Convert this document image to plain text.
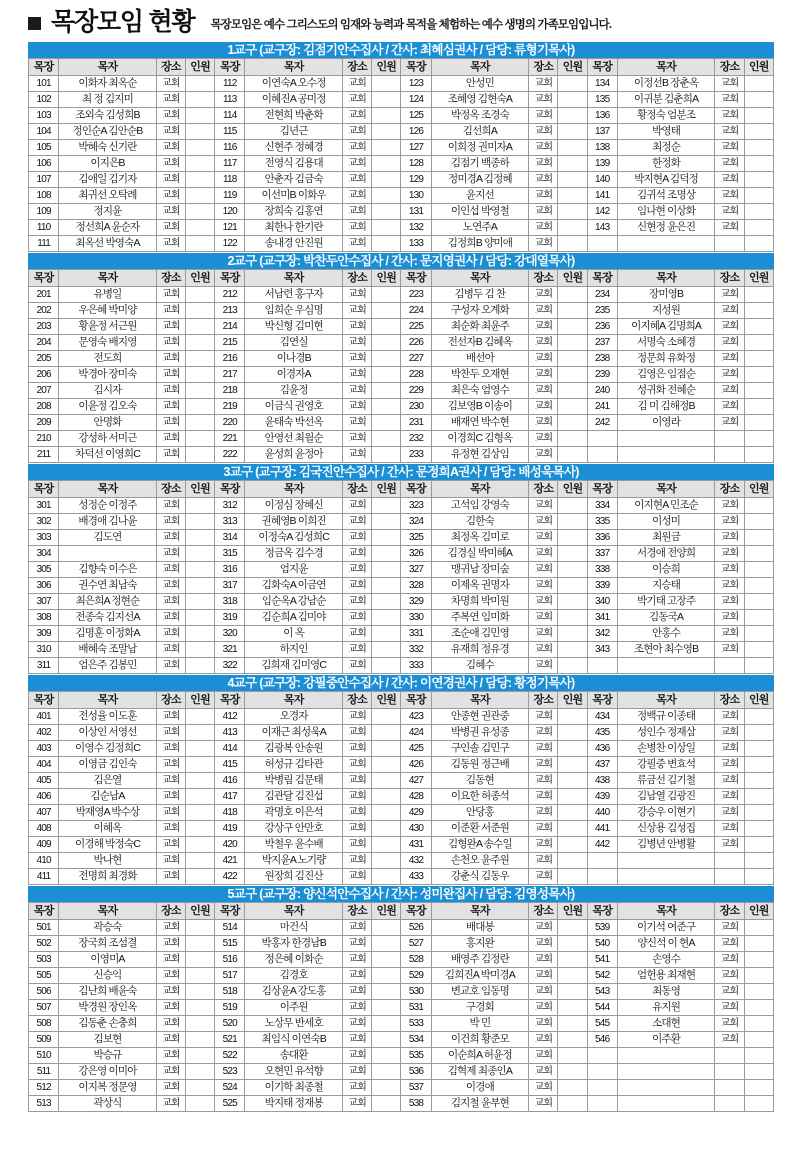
목장모임 현황 목장모임은 예수 그리스도의 임재와 능력과 목적을 체험하는 예수 생명의 가족모임입니다.
1교구 (교구장: 김점기안수집사 / 간사: 최혜심권사 / 담당: 류형기목사)
목장	목자	장소	인원	목장	목자	장소	인원	목장	목자	장소	인원	목장	목자	장소	인원
101	이화자 최옥순	교회		112	이연숙A 오수정	교회		123	안성민	교회		134	이정선B 장춘옥	교회	
102	최 정 김지미	교회		113	이혜진A 공미정	교회		124	조혜영 김현숙A	교회		135	이귀분 김춘희A	교회	
103	조외숙 김성희B	교회		114	전현희 박춘화	교회		125	박정옥 조경숙	교회		136	황정숙 엄분조	교회	
104	정인순A 김안순B	교회		115	김년근	교회		126	김선희A	교회		137	박영태	교회	
105	박혜숙 신기란	교회		116	신현주 정혜경	교회		127	이희정 권미자A	교회		138	최정순	교회	
106	이지은B	교회		117	전영식 김용대	교회		128	김점기 백종하	교회		139	한정화	교회	
107	김애일 김기자	교회		118	안춘자 김금숙	교회		129	정미경A 김정혜	교회		140	박지현A 김덕정	교회	
108	최귀선 오탁례	교회		119	이선미B 이화우	교회		130	윤지선	교회		141	김귀석 조명상	교회	
109	정지윤	교회		120	장희숙 김홍연	교회		131	이인섭 박영철	교회		142	임나현 이상화	교회	
110	정선희A 윤순자	교회		121	최한나 한기란	교회		132	노연주A	교회		143	신현정 윤은진	교회	
111	최옥선 박영숙A	교회		122	송내경 안진원	교회		133	김정희B 양미애	교회					
2교구 (교구장: 박찬두안수집사 / 간사: 문지영권사 / 담당: 강대열목사)
목장	목자	장소	인원	목장	목자	장소	인원	목장	목자	장소	인원	목장	목자	장소	인원
201	유병일	교회		212	서남련 홍구자	교회		223	김병두 김 찬	교회		234	장미영B	교회	
202	우은혜 박미양	교회		213	임희순 우심명	교회		224	구성자 오계화	교회		235	지성원	교회	
203	황윤정 서근원	교회		214	박신형 김미현	교회		225	최순화 최윤주	교회		236	이지혜A 김명희A	교회	
204	문영숙 배지영	교회		215	김연실	교회		226	전선자B 김혜옥	교회		237	서명숙 소혜경	교회	
205	전도희	교회		216	이나경B	교회		227	배선아	교회		238	정문희 유화정	교회	
206	박경아 장미숙	교회		217	이경자A	교회		228	박찬두 오재현	교회		239	김영은 임점순	교회	
207	김시자	교회		218	김윤정	교회		229	최은숙 엄영수	교회		240	성귀화 전혜순	교회	
208	이윤정 김오숙	교회		219	이금식 권영호	교회		230	김보영B 이송이	교회		241	김 미 김해정B	교회	
209	안명화	교회		220	윤태숙 박선옥	교회		231	배재연 박수현	교회		242	이영라	교회	
210	강성하 서미근	교회		221	안영선 최월순	교회		232	이경희C 김형옥	교회					
211	차덕선 이영희C	교회		222	윤성희 윤정아	교회		233	유정현 김상임	교회					
3교구 (교구장: 김국진안수집사 / 간사: 문정희A권사 / 담당: 배성욱목사)
목장	목자	장소	인원	목장	목자	장소	인원	목장	목자	장소	인원	목장	목자	장소	인원
301	성정순 이정주	교회		312	이정심 장혜신	교회		323	고석임 강영숙	교회		334	이지현A 민조순	교회	
302	배경애 김나윤	교회		313	권혜영B 이희진	교회		324	김한숙	교회		335	이성미	교회	
303	김도연	교회		314	이정숙A 김성희C	교회		325	최정옥 김미로	교회		336	최원금	교회	
304		교회		315	정금옥 김수경	교회		326	김경실 박미혜A	교회		337	서경애 전양희	교회	
305	김향숙 이수은	교회		316	엄지윤	교회		327	맹귀남 장미숲	교회		338	이승희	교회	
306	권수연 최남숙	교회		317	김화숙A 이금연	교회		328	이제옥 권명자	교회		339	지승태	교회	
307	최은희A 정현순	교회		318	임순옥A 강남순	교회		329	차명희 박미원	교회		340	박기태 고장주	교회	
308	전종숙 김지선A	교회		319	김순희A 김미야	교회		330	주복연 임미화	교회		341	김동국A	교회	
309	김명훈 이정화A	교회		320	이 옥	교회		331	조순애 김민영	교회		342	안홍수	교회	
310	배혜숙 조말남	교회		321	하지인	교회		332	유재희 정유경	교회		343	조현아 최수영B	교회	
311	엄은주 김봉민	교회		322	김희재 김미영C	교회		333	김혜수	교회					
4교구 (교구장: 강필중안수집사 / 간사: 이연경권사 / 담당: 황정기목사)
목장	목자	장소	인원	목장	목자	장소	인원	목장	목자	장소	인원	목장	목자	장소	인원
401	전성율 이도훈	교회		412	오경자	교회		423	안종현 권관중	교회		434	정백규 이종태	교회	
402	이상인 서영선	교회		413	이재근 최성욱A	교회		424	박병권 유성종	교회		435	성인수 정재삼	교회	
403	이영수 김정희C	교회		414	김광복 안송원	교회		425	구인솔 김민구	교회		436	손병찬 이상일	교회	
404	이영금 김인숙	교회		415	허성규 김타관	교회		426	김동원 정근배	교회		437	강필중 변효석	교회	
405	김은열	교회		416	박병림 김문태	교회		427	김동현	교회		438	류금선 김기철	교회	
406	김순남A	교회		417	김관달 김진섭	교회		428	이요한 허종석	교회		439	김남열 김광진	교회	
407	박재영A 박수상	교회		418	곽명호 이은석	교회		429	안당홍	교회		440	강승우 이현기	교회	
408	이혜옥	교회		419	강상구 안만호	교회		430	이준환 서준원	교회		441	신상용 김성집	교회	
409	이경해 박정숙C	교회		420	박철우 윤수배	교회		431	김형완A 송수일	교회		442	김병년 안병활	교회	
410	박나현	교회		421	박지윤A 노기량	교회		432	손천오 윤주원	교회					
411	전명희 최경화	교회		422	원장희 김진산	교회		433	강춘식 김동우	교회					
5교구 (교구장: 양신석안수집사 / 간사: 성미완집사 / 담당: 김영성목사)
목장	목자	장소	인원	목장	목자	장소	인원	목장	목자	장소	인원	목장	목자	장소	인원
501	곽승숙	교회		514	마건식	교회		526	배대봉	교회		539	이기석 여준구	교회	
502	장국희 조섬결	교회		515	박홍자 한경남B	교회		527	홍지완	교회		540	양신석 이 현A	교회	
503	이영미A	교회		516	정은혜 이화순	교회		528	배영주 김정란	교회		541	손영수	교회	
505	신승익	교회		517	김경호	교회		529	김희진A 박미경A	교회		542	엄헌용 최재현	교회	
506	김난희 배윤숙	교회		518	김상윤A 강도홍	교회		530	변교호 임동명	교회		543	최동영	교회	
507	박경원 장인옥	교회		519	이주원	교회		531	구경회	교회		544	유지원	교회	
508	김동춘 손충희	교회		520	노상무 반세호	교회		533	박 민	교회		545	소대현	교회	
509	김보현	교회		521	최임식 이연숙B	교회		534	이건희 황준모	교회		546	이주환	교회	
510	박승규	교회		522	송대환	교회		535	이순희A 허윤정	교회					
511	강은영 이미아	교회		523	오현민 유석향	교회		536	김혁제 최종인A	교회					
512	이지복 정문영	교회		524	이기학 최종철	교회		537	이경애	교회					
513	곽상식	교회		525	박지태 정재봉	교회		538	김지철 윤부현	교회					
